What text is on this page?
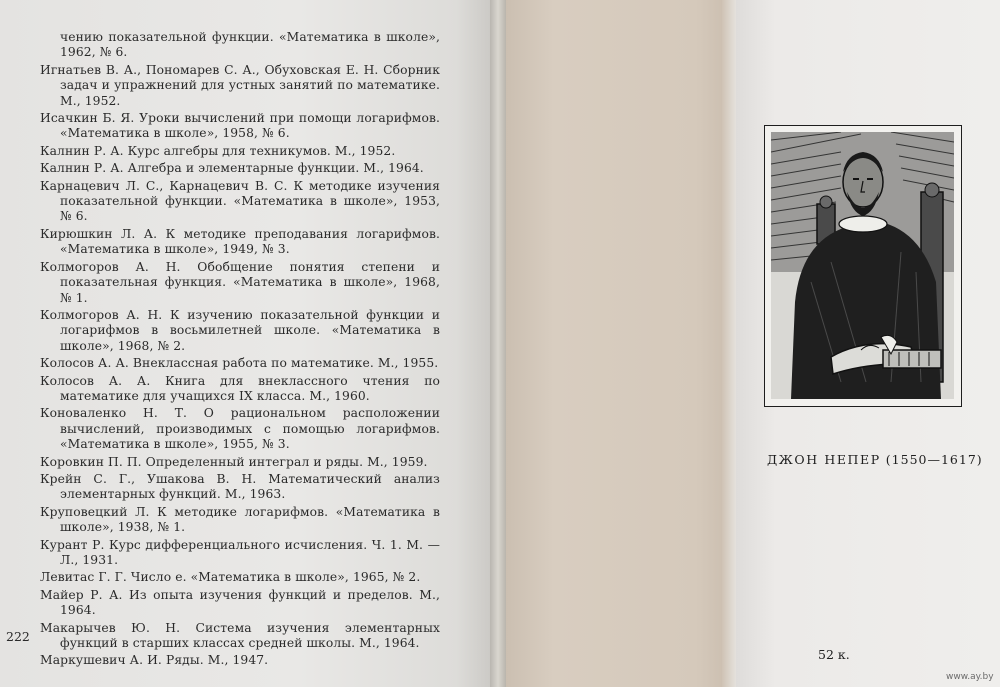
чению показательной функции. «Математика в школе», 1962, № 6.
Игнатьев В. А., Пономарев С. А., Обуховская Е. Н. Сборник задач и упражнений для устных занятий по математике. М., 1952.
Исачкин Б. Я. Уроки вычислений при помощи логарифмов. «Математика в школе», 1958, № 6.
Калнин Р. А. Курс алгебры для техникумов. М., 1952.
Калнин Р. А. Алгебра и элементарные функции. М., 1964.
Карнацевич Л. С., Карнацевич В. С. К методике изучения показательной функции. «Математика в школе», 1953, № 6.
Кирюшкин Л. А. К методике преподавания логарифмов. «Математика в школе», 1949, № 3.
Колмогоров А. Н. Обобщение понятия степени и показательная функция. «Математика в школе», 1968, № 1.
Колмогоров А. Н. К изучению показательной функции и логарифмов в восьмилетней школе. «Математика в школе», 1968, № 2.
Колосов А. А. Внеклассная работа по математике. М., 1955.
Колосов А. А. Книга для внеклассного чтения по математике для учащихся IX класса. М., 1960.
Коноваленко Н. Т. О рациональном расположении вычислений, производимых с помощью логарифмов. «Математика в школе», 1955, № 3.
Коровкин П. П. Определенный интеграл и ряды. М., 1959.
Крейн С. Г., Ушакова В. Н. Математический анализ элементарных функций. М., 1963.
Круповецкий Л. К методике логарифмов. «Математика в школе», 1938, № 1.
Курант Р. Курс дифференциального исчисления. Ч. 1. М. — Л., 1931.
Левитас Г. Г. Число е. «Математика в школе», 1965, № 2.
Майер Р. А. Из опыта изучения функций и пределов. М., 1964.
Макарычев Ю. Н. Система изучения элементарных функций в старших классах средней школы. М., 1964.
Маркушевич А. И. Ряды. М., 1947.
222
ДЖОН НЕПЕР (1550—1617)
52 к.
www.ay.by
